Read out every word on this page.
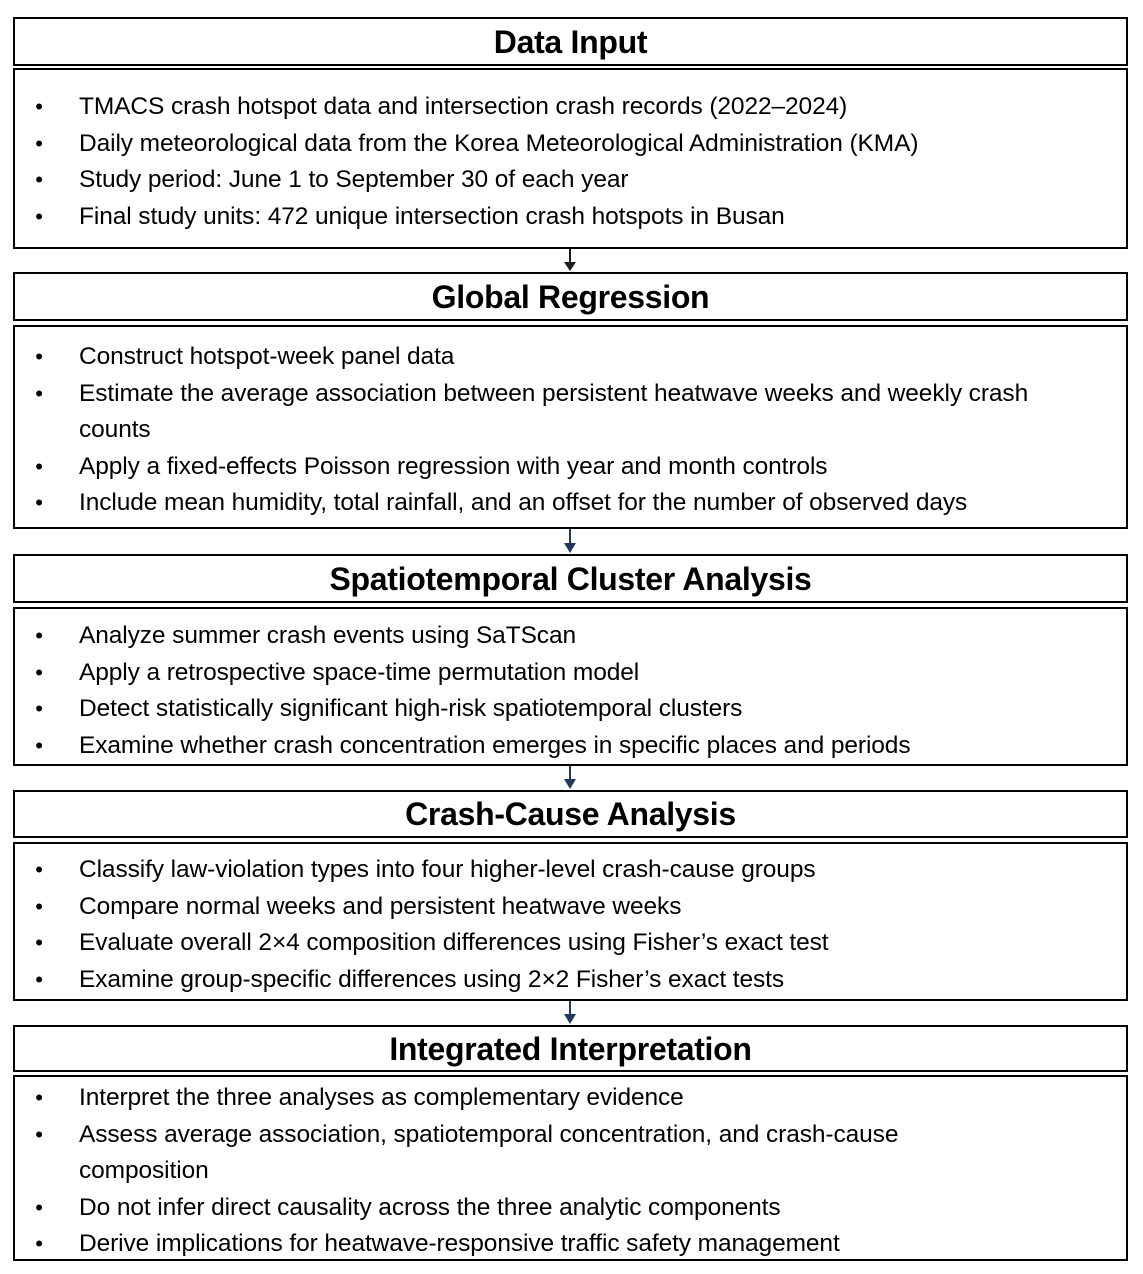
Data Input
• TMACS crash hotspot data and intersection crash records (2022–2024)
• Daily meteorological data from the Korea Meteorological Administration (KMA)
• Study period: June 1 to September 30 of each year
• Final study units: 472 unique intersection crash hotspots in Busan
Global Regression
• Construct hotspot-week panel data
• Estimate the average association between persistent heatwave weeks and weekly crash counts
• Apply a fixed-effects Poisson regression with year and month controls
• Include mean humidity, total rainfall, and an offset for the number of observed days
Spatiotemporal Cluster Analysis
• Analyze summer crash events using SaTScan
• Apply a retrospective space-time permutation model
• Detect statistically significant high-risk spatiotemporal clusters
• Examine whether crash concentration emerges in specific places and periods
Crash-Cause Analysis
• Classify law-violation types into four higher-level crash-cause groups
• Compare normal weeks and persistent heatwave weeks
• Evaluate overall 2×4 composition differences using Fisher’s exact test
• Examine group-specific differences using 2×2 Fisher’s exact tests
Integrated Interpretation
• Interpret the three analyses as complementary evidence
• Assess average association, spatiotemporal concentration, and crash-cause composition
• Do not infer direct causality across the three analytic components
• Derive implications for heatwave-responsive traffic safety management
